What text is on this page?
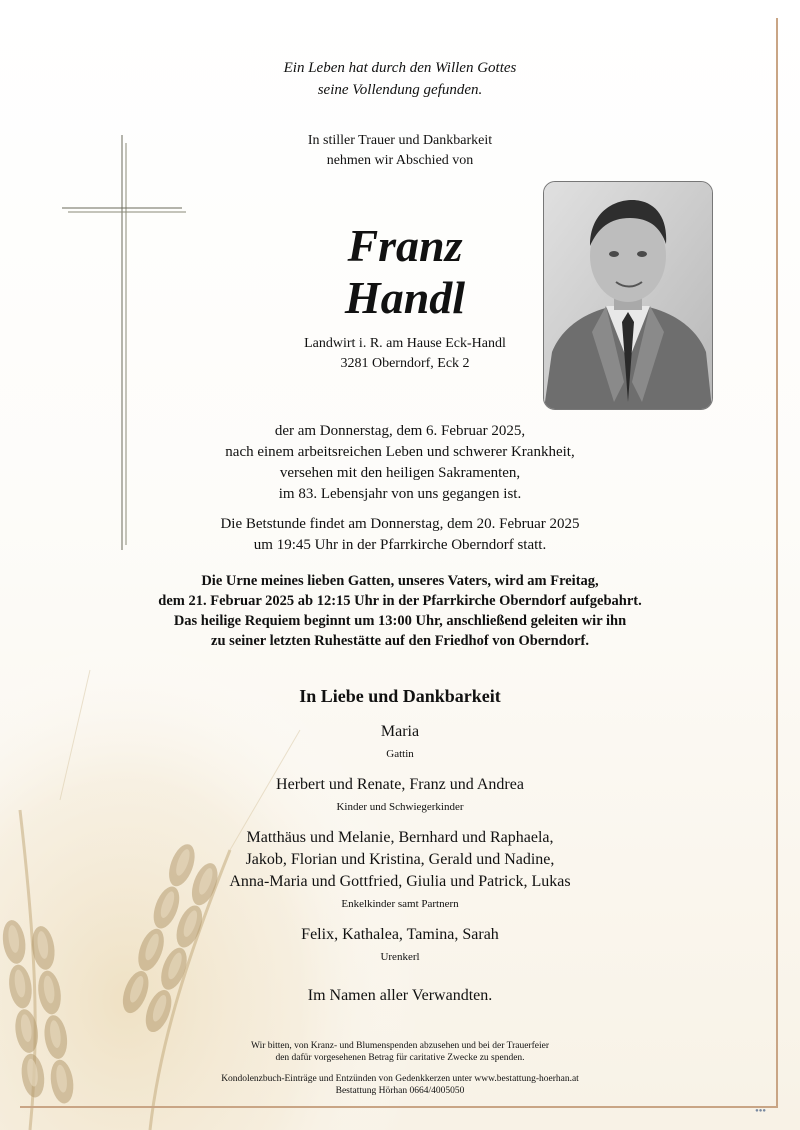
Ein Leben hat durch den Willen Gottes
seine Vollendung gefunden.
In stiller Trauer und Dankbarkeit
nehmen wir Abschied von
Franz
Handl
Landwirt i. R. am Hause Eck-Handl
3281 Oberndorf, Eck 2
der am Donnerstag, dem 6. Februar 2025,
nach einem arbeitsreichen Leben und schwerer Krankheit,
versehen mit den heiligen Sakramenten,
im 83. Lebensjahr von uns gegangen ist.
Die Betstunde findet am Donnerstag, dem 20. Februar 2025
um 19:45 Uhr in der Pfarrkirche Oberndorf statt.
Die Urne meines lieben Gatten, unseres Vaters, wird am Freitag,
dem 21. Februar 2025 ab 12:15 Uhr in der Pfarrkirche Oberndorf aufgebahrt.
Das heilige Requiem beginnt um 13:00 Uhr, anschließend geleiten wir ihn
zu seiner letzten Ruhestätte auf den Friedhof von Oberndorf.
In Liebe und Dankbarkeit
Maria
Gattin
Herbert und Renate, Franz und Andrea
Kinder und Schwiegerkinder
Matthäus und Melanie, Bernhard und Raphaela,
Jakob, Florian und Kristina, Gerald und Nadine,
Anna-Maria und Gottfried, Giulia und Patrick, Lukas
Enkelkinder samt Partnern
Felix, Kathalea, Tamina, Sarah
Urenkerl
Im Namen aller Verwandten.
Wir bitten, von Kranz- und Blumenspenden abzusehen und bei der Trauerfeier
den dafür vorgesehenen Betrag für caritative Zwecke zu spenden.
Kondolenzbuch-Einträge und Entzünden von Gedenkkerzen unter www.bestattung-hoerhan.at
Bestattung Hörhan 0664/4005050
●●●
